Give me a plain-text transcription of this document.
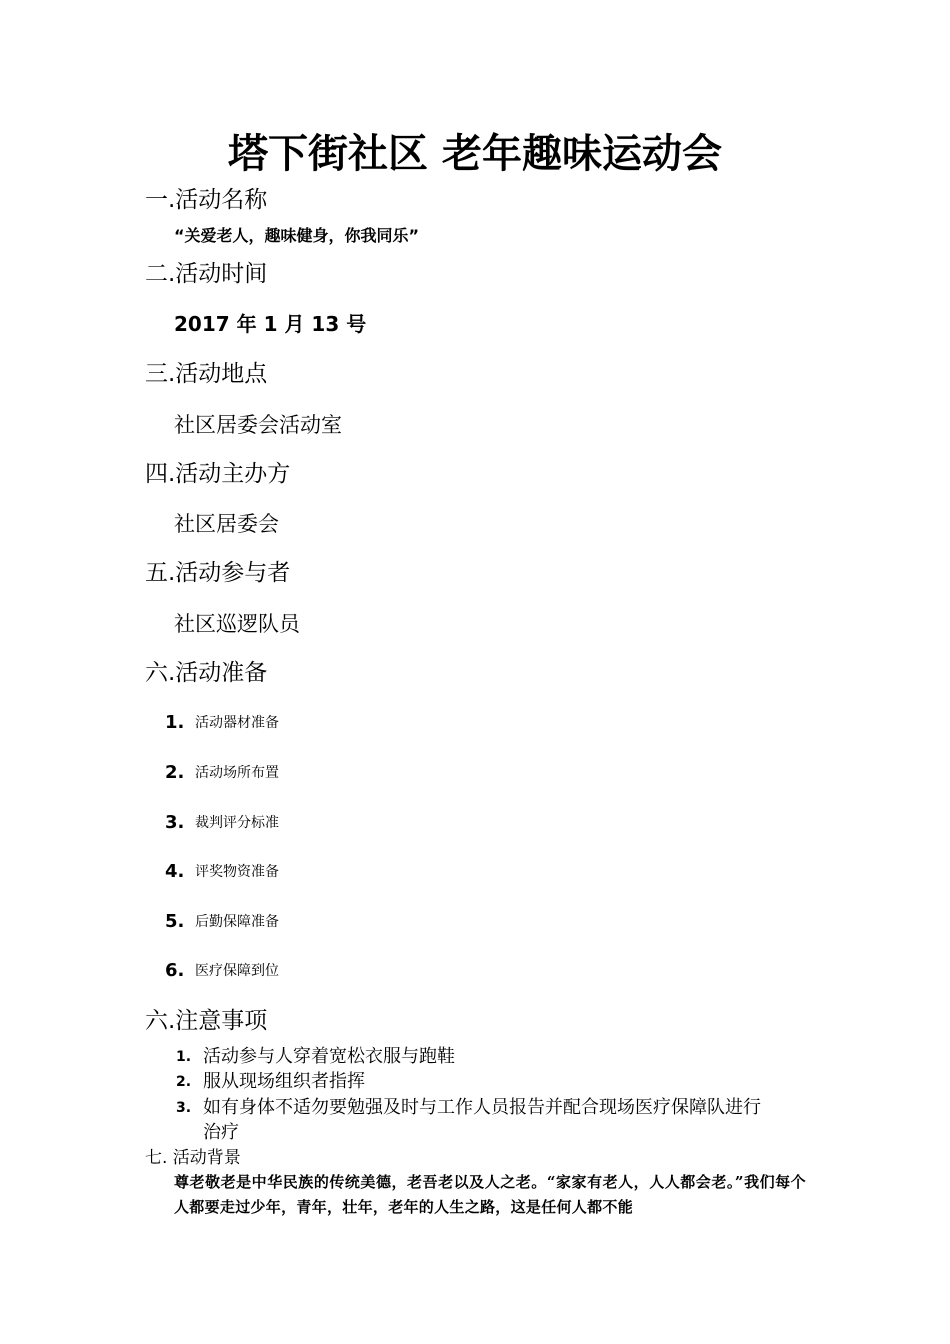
塔下街社区 老年趣味运动会
一.活动名称
“关爱老人，趣味健身，你我同乐”
二.活动时间
2017 年 1 月 13 号
三.活动地点
社区居委会活动室
四.活动主办方
社区居委会
五.活动参与者
社区巡逻队员
六.活动准备
1. 活动器材准备
2. 活动场所布置
3. 裁判评分标准
4. 评奖物资准备
5. 后勤保障准备
6. 医疗保障到位
六.注意事项
1. 活动参与人穿着宽松衣服与跑鞋
2. 服从现场组织者指挥
3. 如有身体不适勿要勉强及时与工作人员报告并配合现场医疗保障队进行
治疗
七. 活动背景
尊老敬老是中华民族的传统美德，老吾老以及人之老。“家家有老人，人人都会老。”我们每个人都要走过少年，青年，壮年，老年的人生之路，这是任何人都不能
